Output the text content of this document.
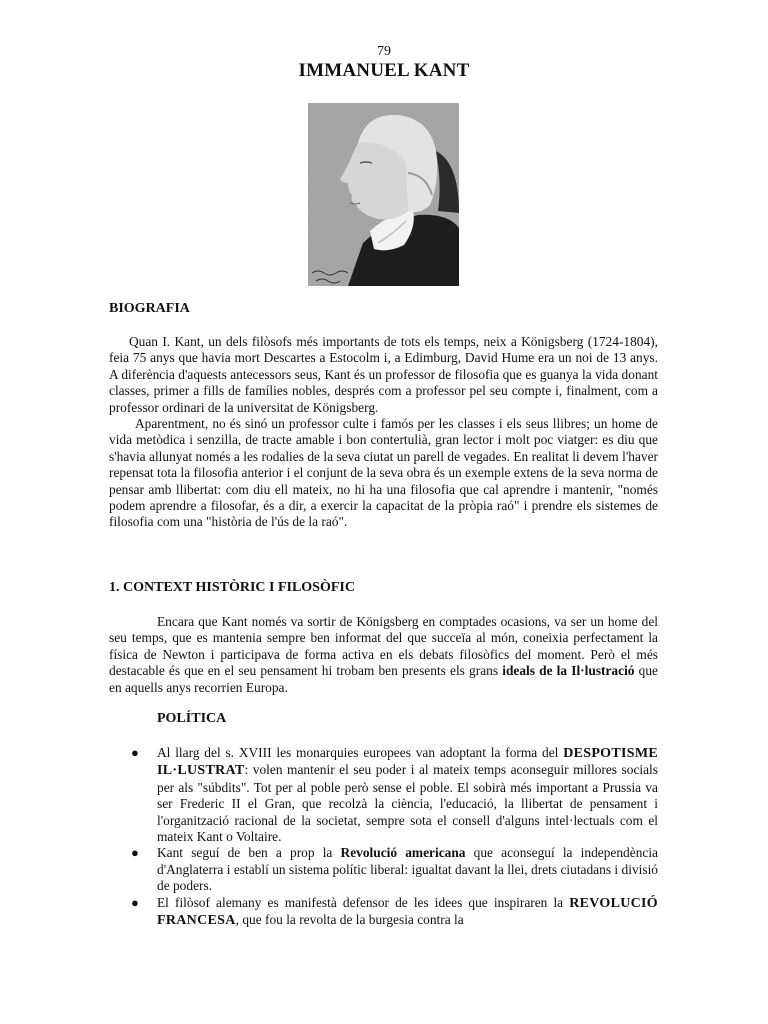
79
IMMANUEL KANT
BIOGRAFIA

Quan I. Kant, un dels filòsofs més importants de tots els temps, neix a Königsberg (1724-1804), feia 75 anys que havia mort Descartes a Estocolm i, a Edimburg, David Hume era un noi de 13 anys. A diferència d'aquests antecessors seus, Kant és un professor de filosofia que es guanya la vida donant classes, primer a fills de famílies nobles, després com a professor pel seu compte i, finalment, com a professor ordinari de la universitat de Königsberg.

Aparentment, no és sinó un professor culte i famós per les classes i els seus llibres; un home de vida metòdica i senzilla, de tracte amable i bon contertulià, gran lector i molt poc viatger: es diu que s'havia allunyat només a les rodalies de la seva ciutat un parell de vegades. En realitat li devem l'haver repensat tota la filosofia anterior i el conjunt de la seva obra és un exemple extens de la seva norma de pensar amb llibertat: com diu ell mateix, no hi ha una filosofia que cal aprendre i mantenir, "només podem aprendre a filosofar, és a dir, a exercir la capacitat de la pròpia raó" i prendre els sistemes de filosofia com una "història de l'ús de la raó".

1. CONTEXT HISTÒRIC I FILOSÒFIC

Encara que Kant només va sortir de Königsberg en comptades ocasions, va ser un home del seu temps, que es mantenia sempre ben informat del que succeïa al món, coneixia perfectament la física de Newton i participava de forma activa en els debats filosòfics del moment. Però el més destacable és que en el seu pensament hi trobam ben presents els grans ideals de la Il·lustració que en aquells anys recorrien Europa.

POLÍTICA
● Al llarg del s. XVIII les monarquies europees van adoptant la forma del DESPOTISME IL·LUSTRAT: volen mantenir el seu poder i al mateix temps aconseguir millores socials per als "súbdits". Tot per al poble però sense el poble. El sobirà més important a Prussia va ser Frederic II el Gran, que recolzà la ciència, l'educació, la llibertat de pensament i l'organització racional de la societat, sempre sota el consell d'alguns intel·lectuals com el mateix Kant o Voltaire.
● Kant seguí de ben a prop la Revolució americana que aconseguí la independència d'Anglaterra i establí un sistema polític liberal: igualtat davant la llei, drets ciutadans i divisió de poders.
● El filòsof alemany es manifestà defensor de les idees que inspiraren la REVOLUCIÓ FRANCESA, que fou la revolta de la burgesia contra la
